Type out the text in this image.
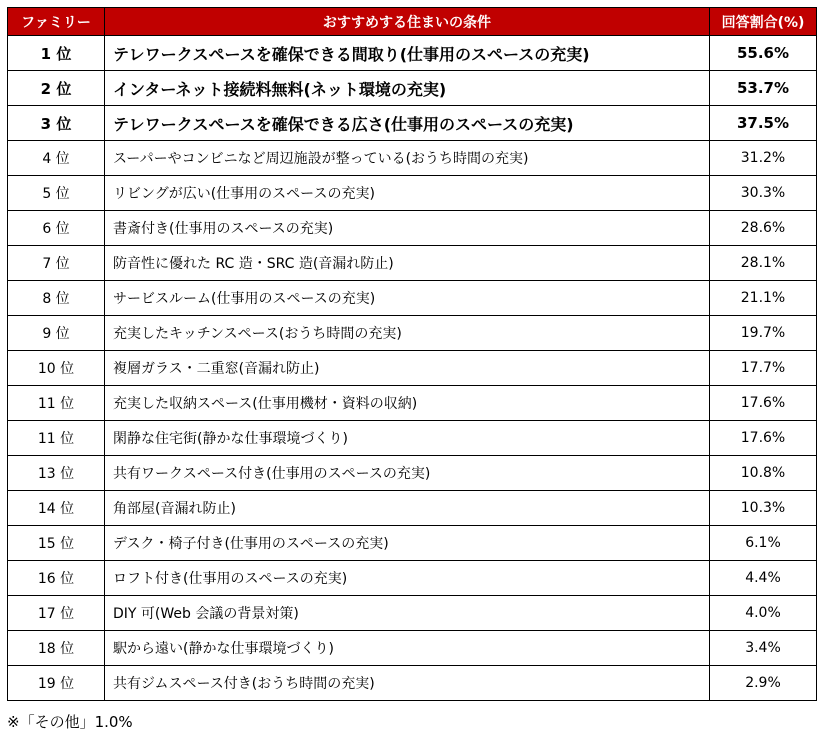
ファミリー	おすすめする住まいの条件	回答割合(%)
1 位	テレワークスペースを確保できる間取り(仕事用のスペースの充実)	55.6%
2 位	インターネット接続料無料(ネット環境の充実)	53.7%
3 位	テレワークスペースを確保できる広さ(仕事用のスペースの充実)	37.5%
4 位	スーパーやコンビニなど周辺施設が整っている(おうち時間の充実)	31.2%
5 位	リビングが広い(仕事用のスペースの充実)	30.3%
6 位	書斎付き(仕事用のスペースの充実)	28.6%
7 位	防音性に優れた RC 造・SRC 造(音漏れ防止)	28.1%
8 位	サービスルーム(仕事用のスペースの充実)	21.1%
9 位	充実したキッチンスペース(おうち時間の充実)	19.7%
10 位	複層ガラス・二重窓(音漏れ防止)	17.7%
11 位	充実した収納スペース(仕事用機材・資料の収納)	17.6%
11 位	閑静な住宅街(静かな仕事環境づくり)	17.6%
13 位	共有ワークスペース付き(仕事用のスペースの充実)	10.8%
14 位	角部屋(音漏れ防止)	10.3%
15 位	デスク・椅子付き(仕事用のスペースの充実)	6.1%
16 位	ロフト付き(仕事用のスペースの充実)	4.4%
17 位	DIY 可(Web 会議の背景対策)	4.0%
18 位	駅から遠い(静かな仕事環境づくり)	3.4%
19 位	共有ジムスペース付き(おうち時間の充実)	2.9%
※「その他」1.0%
